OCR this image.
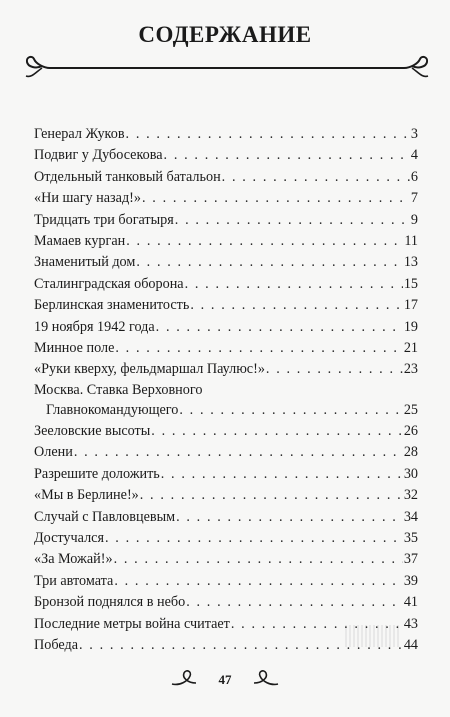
СОДЕРЖАНИЕ
Генерал Жуков . . .	3
Подвиг у Дубосекова . . .	4
Отдельный танковый батальон . . .	6
«Ни шагу назад!» . . .	7
Тридцать три богатыря . . .	9
Мамаев курган . . .	11
Знаменитый дом . . .	13
Сталинградская оборона . . .	15
Берлинская знаменитость . . .	17
19 ноября 1942 года . . .	19
Минное поле . . .	21
«Руки кверху, фельдмаршал Паулюс!» . . .	23
Москва. Ставка Верховного
Главнокомандующего . . .	25
Зееловские высоты . . .	26
Олени . . .	28
Разрешите доложить . . .	30
«Мы в Берлине!» . . .	32
Случай с Павловцевым . . .	34
Достучался . . .	35
«За Можай!» . . .	37
Три автомата . . .	39
Бронзой поднялся в небо . . .	41
Последние метры война считает . . .	43
Победа . . .	44
47
